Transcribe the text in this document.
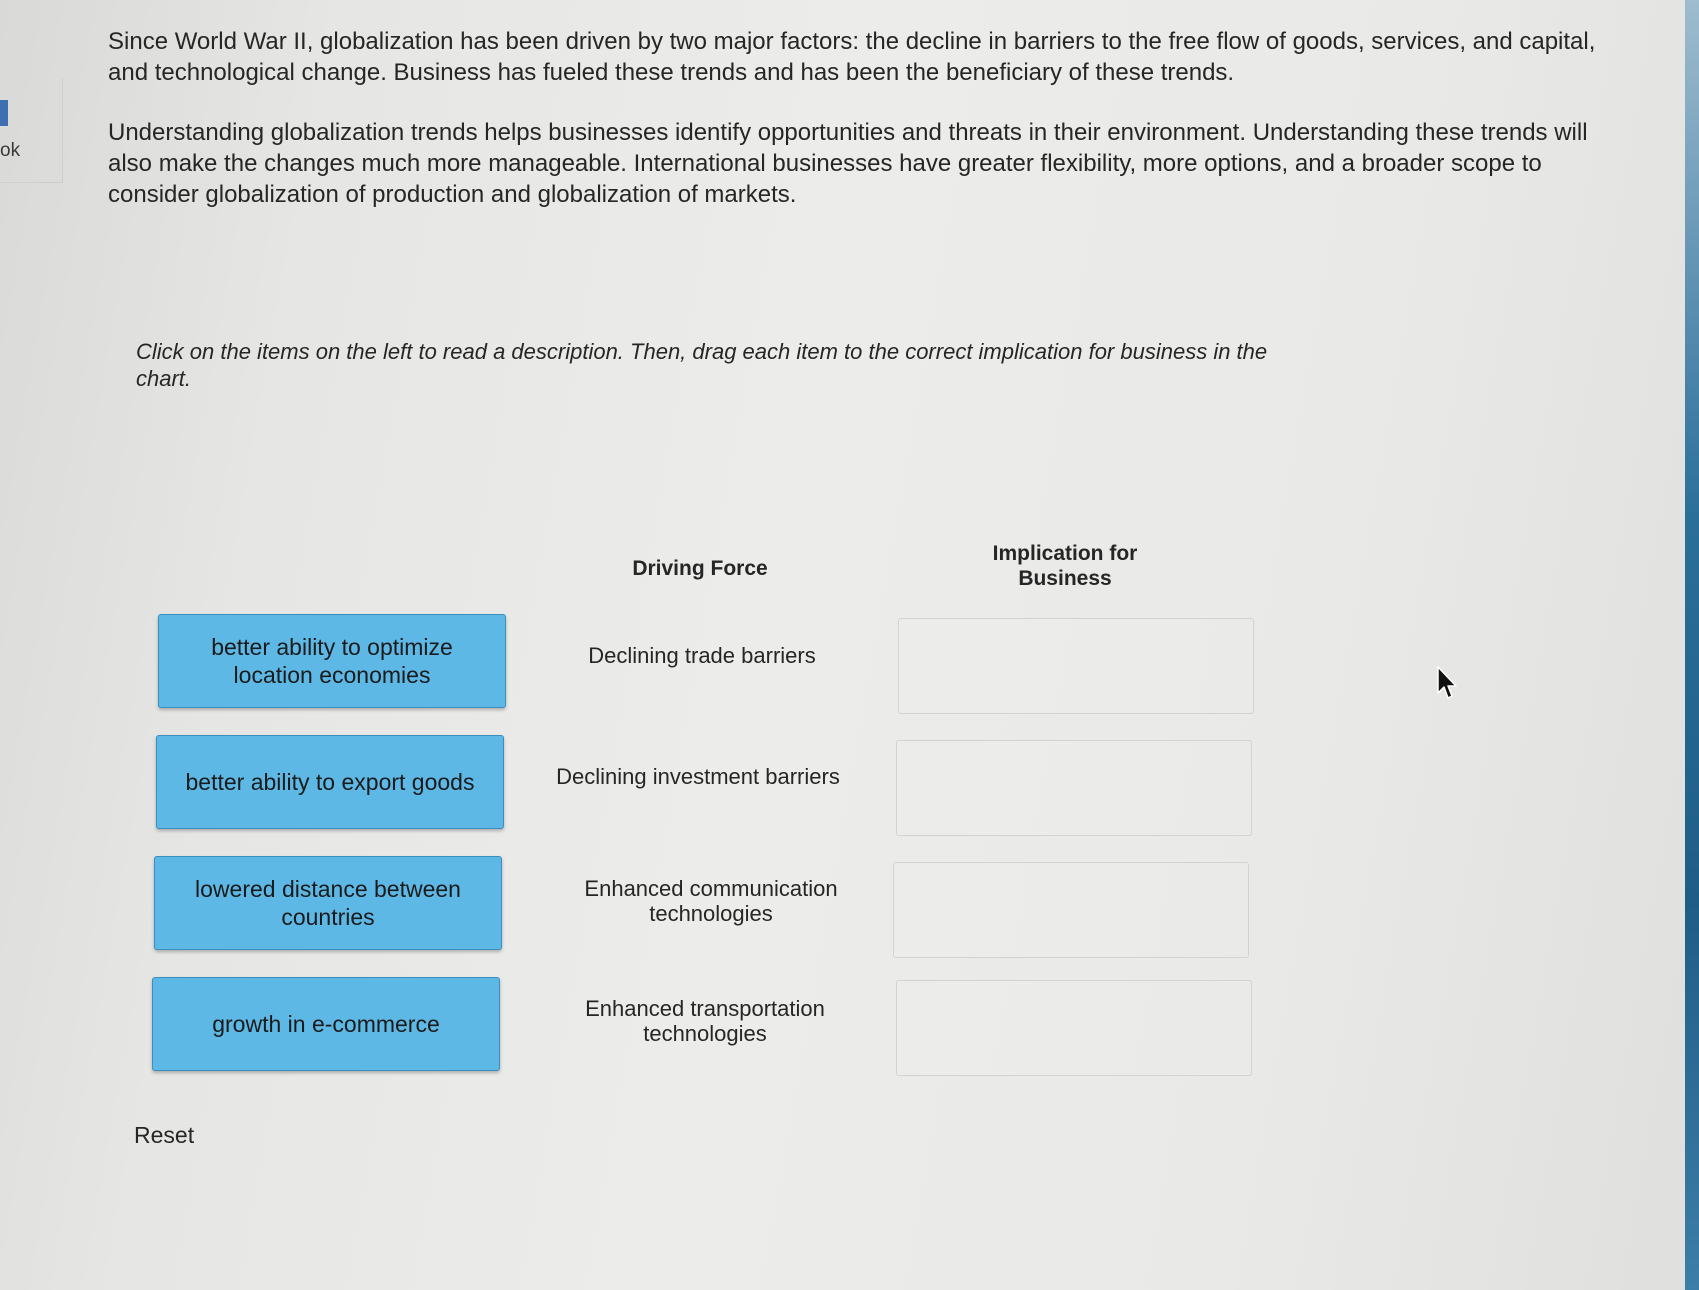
ok

Since World War II, globalization has been driven by two major factors: the decline in barriers to the free flow of goods, services, and capital, and technological change. Business has fueled these trends and has been the beneficiary of these trends.

Understanding globalization trends helps businesses identify opportunities and threats in their environment. Understanding these trends will also make the changes much more manageable. International businesses have greater flexibility, more options, and a broader scope to consider globalization of production and globalization of markets.

Click on the items on the left to read a description. Then, drag each item to the correct implication for business in the chart.
Driving Force
Implication for Business
better ability to optimize location economies
better ability to export goods
lowered distance between countries
growth in e-commerce
Declining trade barriers
Declining investment barriers
Enhanced communication technologies
Enhanced transportation technologies
Reset
